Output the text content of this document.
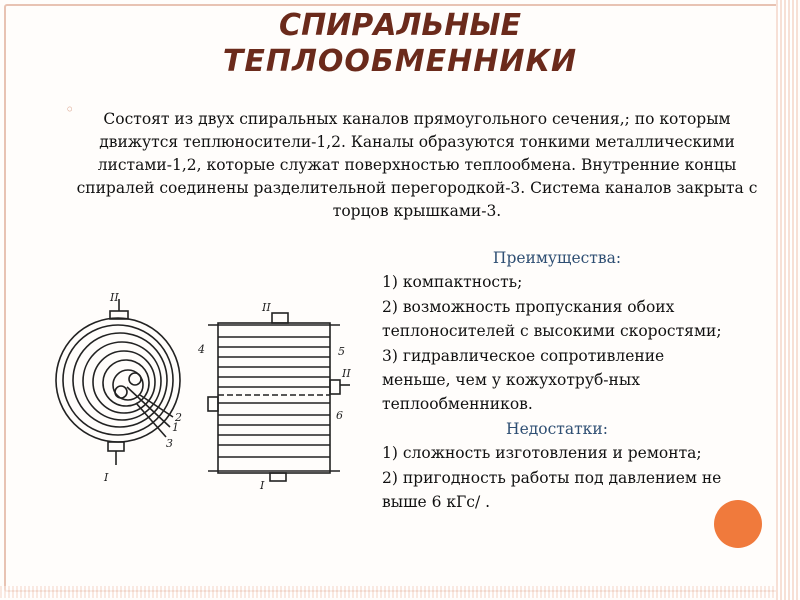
СПИРАЛЬНЫЕ
ТЕПЛООБМЕННИКИ
◦	Состоят из двух спиральных каналов прямоугольного сечения,; по которым движутся теплюносители-1,2. Каналы образуются тонкими металлическими листами-1,2, которые служат поверхностью теплообмена. Внутренние концы спиралей соединены разделительной перегородкой-3. Система каналов закрыта с торцов крышками-3.
II
I
II
I
II
1
2
3
4	5
6
Преимущества:
1) компактность;
2) возможность пропускания обоих теплоносителей с высокими скоростями;
3) гидравлическое сопротивление меньше, чем у кожухотруб-ных теплообменников.
Недостатки:
1) сложность изготовления и ремонта;
2) пригодность работы под давлением не выше 6 кГс/ .
